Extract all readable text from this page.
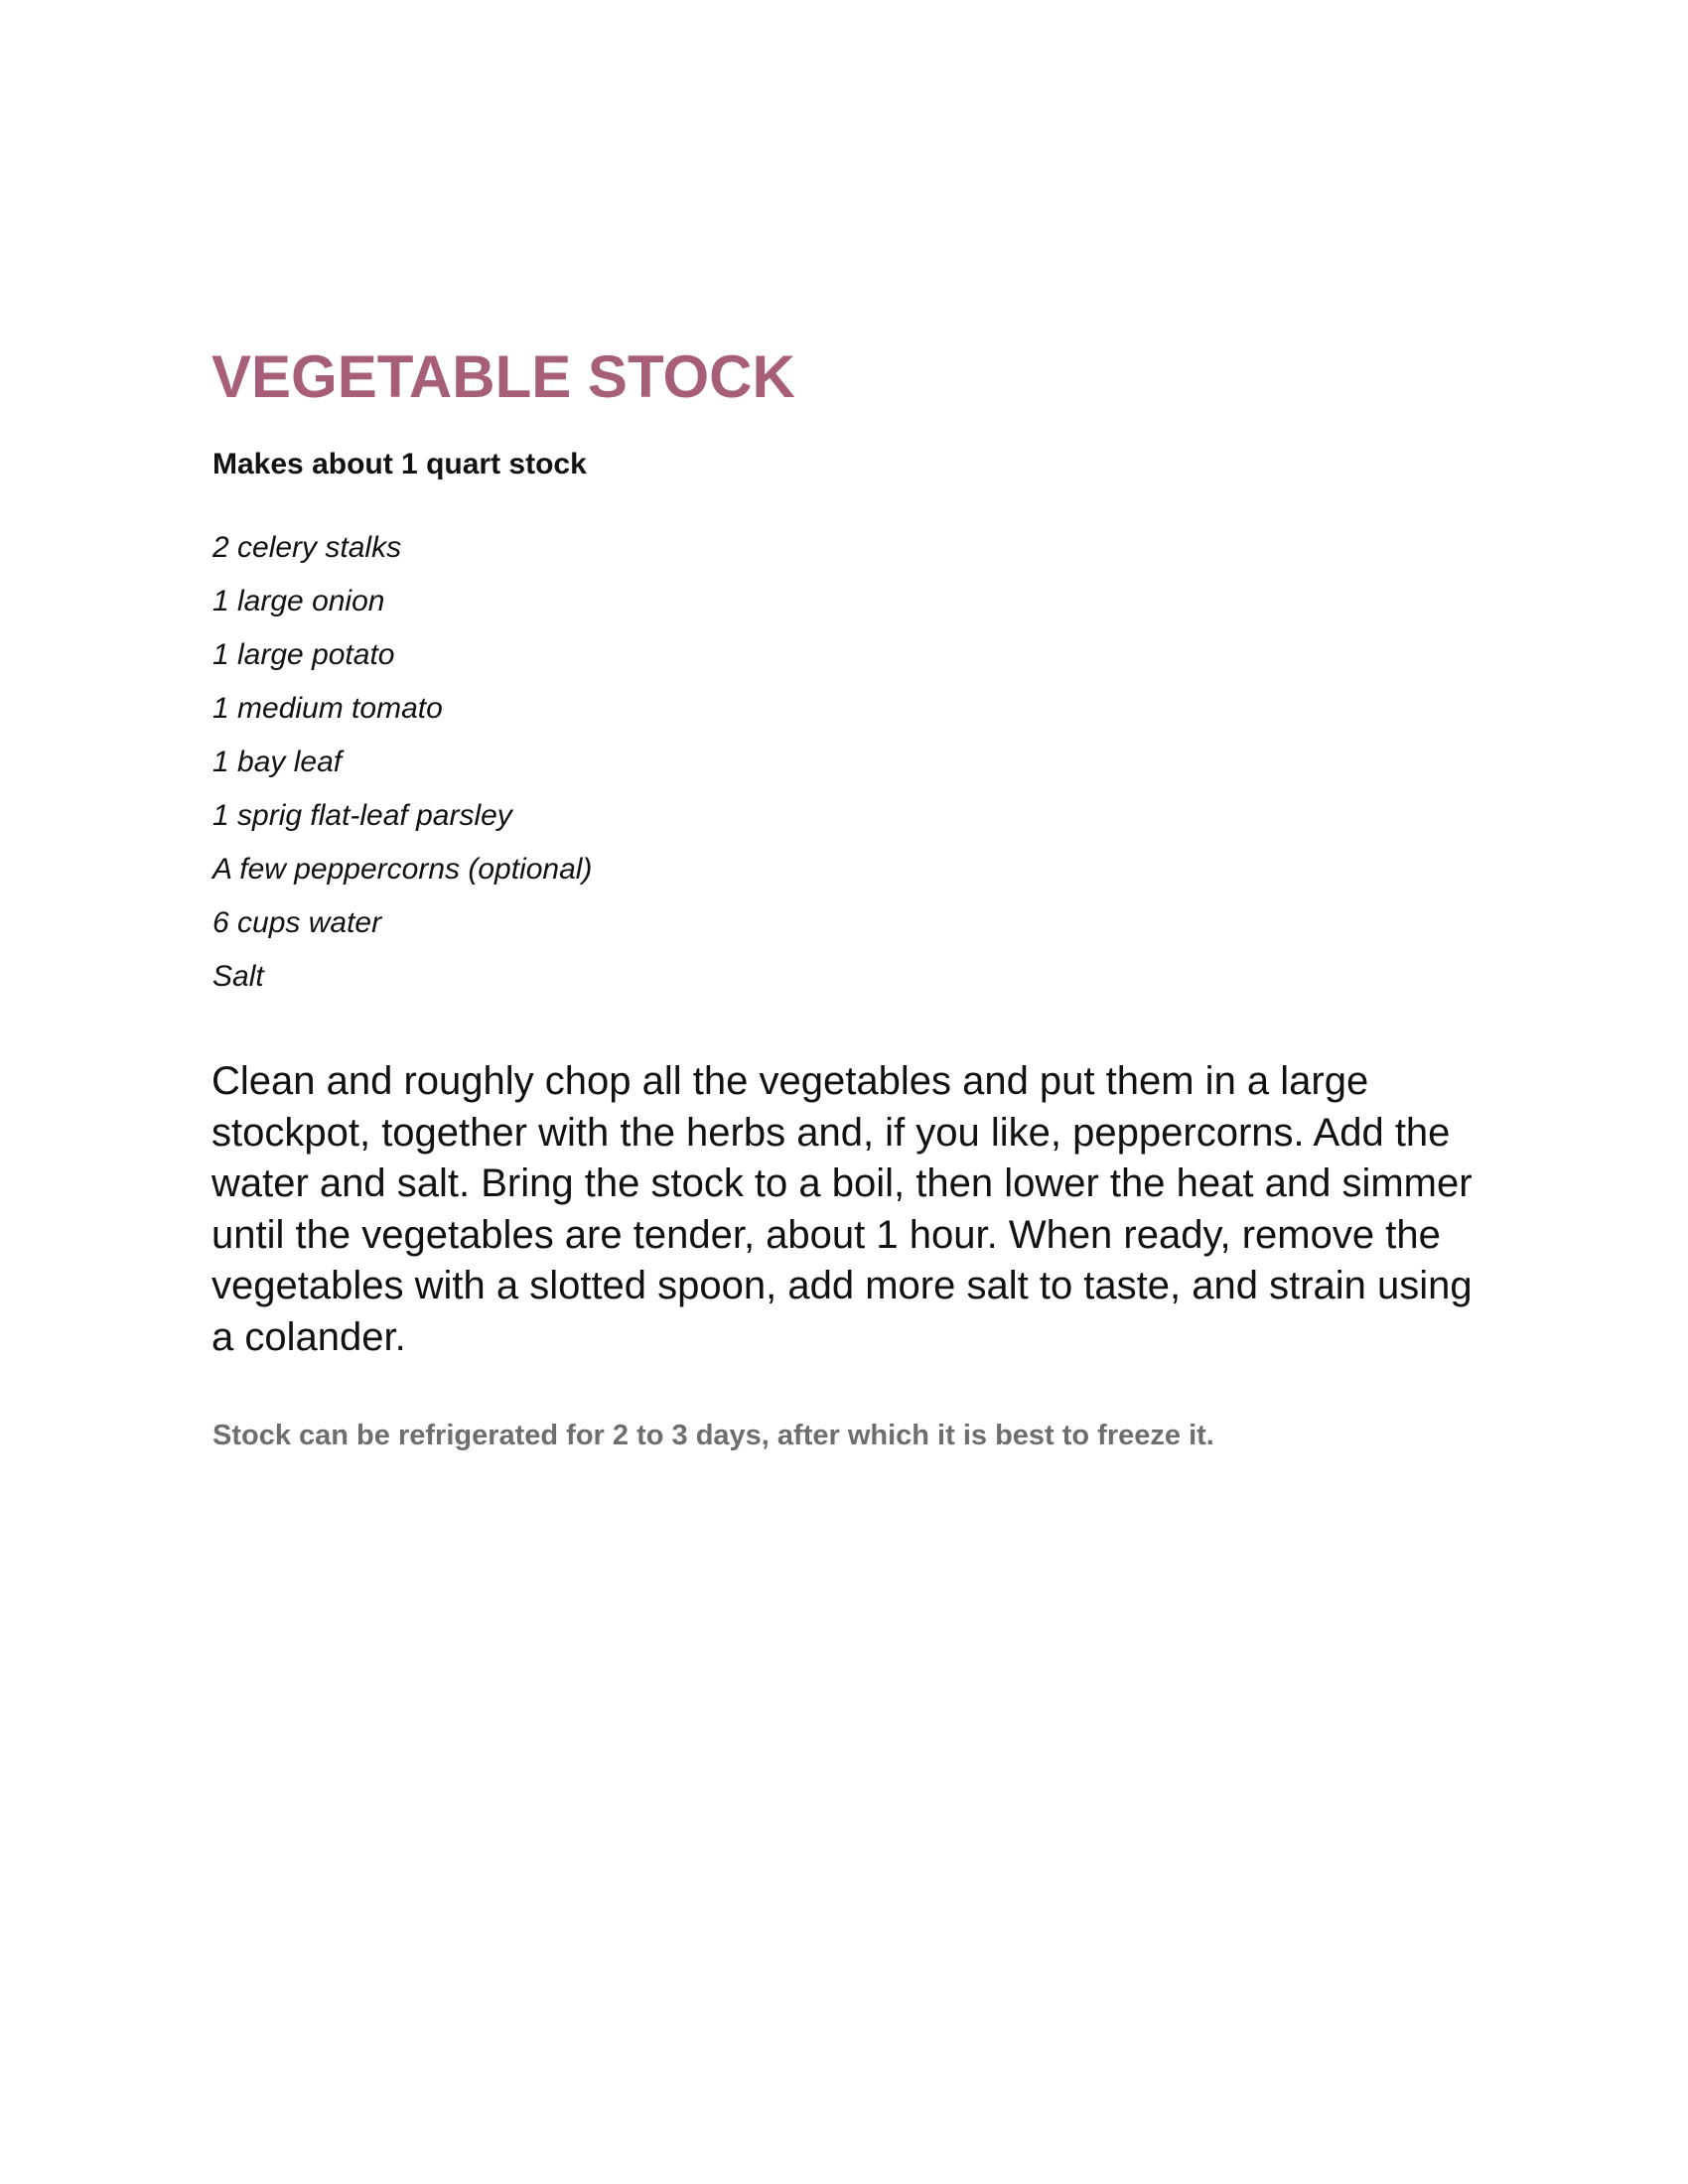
VEGETABLE STOCK

Makes about 1 quart stock

2 celery stalks
1 large onion
1 large potato
1 medium tomato
1 bay leaf
1 sprig flat-leaf parsley
A few peppercorns (optional)
6 cups water
Salt

Clean and roughly chop all the vegetables and put them in a large stockpot, together with the herbs and, if you like, peppercorns. Add the water and salt. Bring the stock to a boil, then lower the heat and simmer until the vegetables are tender, about 1 hour. When ready, remove the vegetables with a slotted spoon, add more salt to taste, and strain using a colander.

Stock can be refrigerated for 2 to 3 days, after which it is best to freeze it.
